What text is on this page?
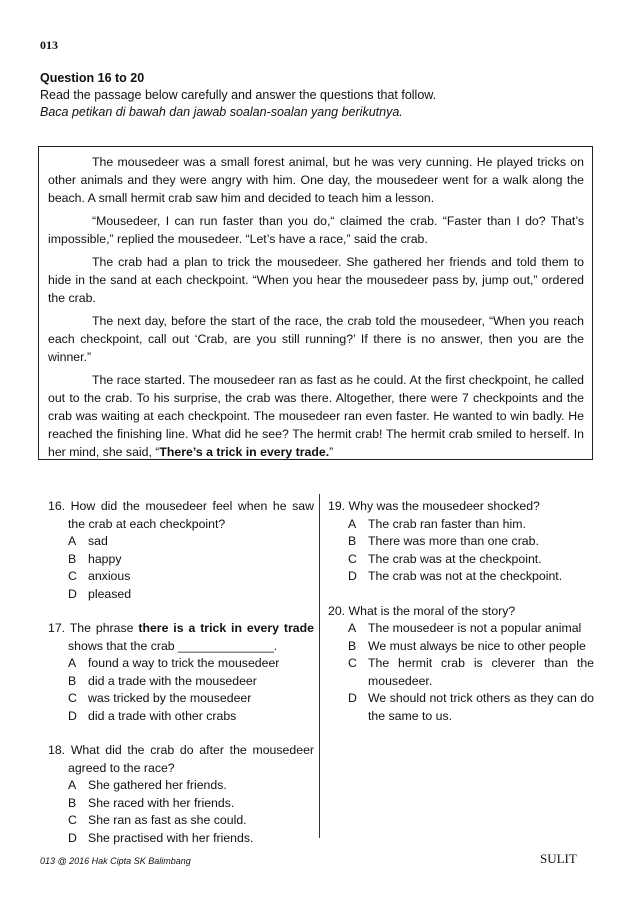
013
Question 16 to 20
Read the passage below carefully and answer the questions that follow.
Baca petikan di bawah dan jawab soalan-soalan yang berikutnya.

The mousedeer was a small forest animal, but he was very cunning. He played tricks on other animals and they were angry with him. One day, the mousedeer went for a walk along the beach. A small hermit crab saw him and decided to teach him a lesson.

“Mousedeer, I can run faster than you do,“ claimed the crab. “Faster than I do? That’s impossible,” replied the mousedeer. “Let’s have a race,” said the crab.

The crab had a plan to trick the mousedeer. She gathered her friends and told them to hide in the sand at each checkpoint. “When you hear the mousedeer pass by, jump out,” ordered the crab.

The next day, before the start of the race, the crab told the mousedeer, “When you reach each checkpoint, call out ‘Crab, are you still running?’ If there is no answer, then you are the winner.”

The race started. The mousedeer ran as fast as he could. At the first checkpoint, he called out to the crab. To his surprise, the crab was there. Altogether, there were 7 checkpoints and the crab was waiting at each checkpoint. The mousedeer ran even faster. He wanted to win badly. He reached the finishing line. What did he see? The hermit crab! The hermit crab smiled to herself. In her mind, she said, “There’s a trick in every trade.”

16. How did the mousedeer feel when he saw the crab at each checkpoint?
A sad
B happy
C anxious
D pleased
17. The phrase there is a trick in every trade shows that the crab ______________.
A found a way to trick the mousedeer
B did a trade with the mousedeer
C was tricked by the mousedeer
D did a trade with other crabs
18. What did the crab do after the mousedeer agreed to the race?
A She gathered her friends.
B She raced with her friends.
C She ran as fast as she could.
D She practised with her friends.
19. Why was the mousedeer shocked?
A The crab ran faster than him.
B There was more than one crab.
C The crab was at the checkpoint.
D The crab was not at the checkpoint.
20. What is the moral of the story?
A The mousedeer is not a popular animal
B We must always be nice to other people
C The hermit crab is cleverer than the mousedeer.
D We should not trick others as they can do the same to us.
013 @ 2016 Hak Cipta SK Balimbang	SULIT
